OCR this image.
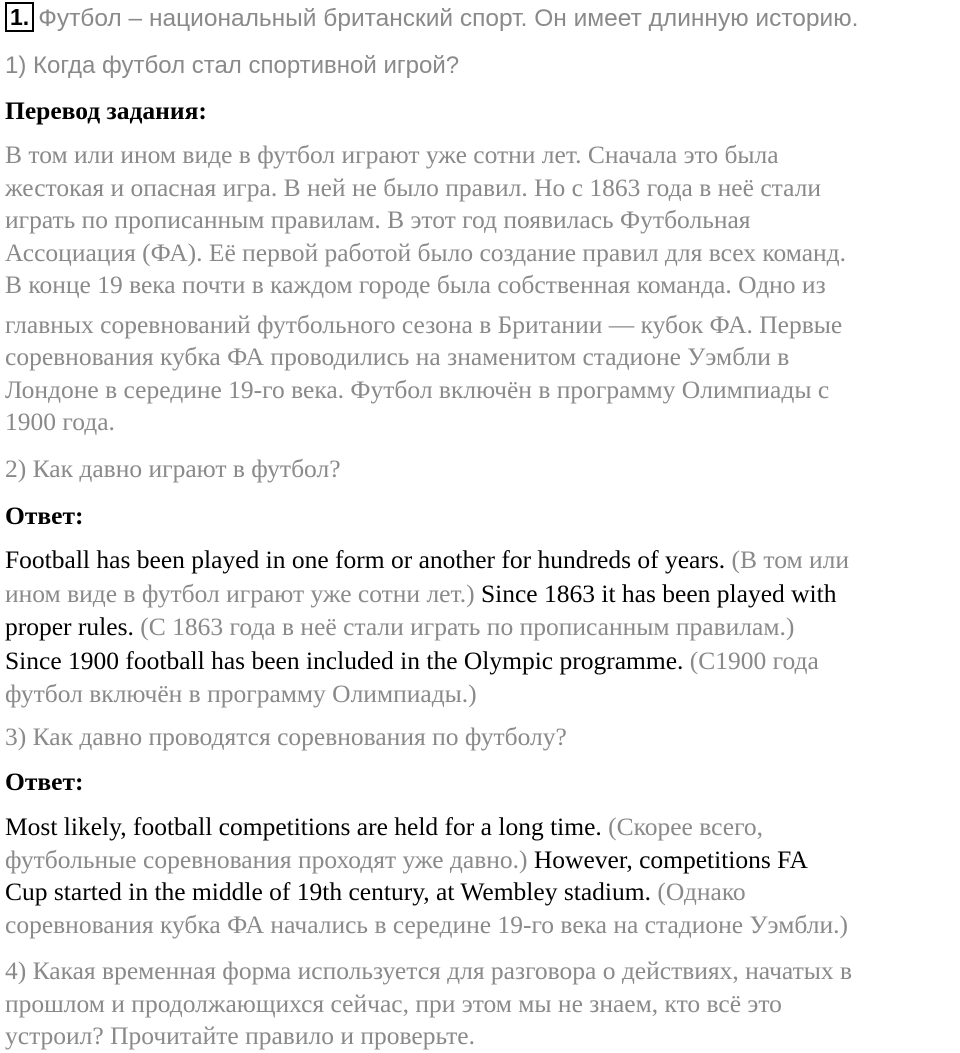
1. Футбол – национальный британский спорт. Он имеет длинную историю.
1) Когда футбол стал спортивной игрой?
Перевод задания:
В том или ином виде в футбол играют уже сотни лет. Сначала это была
жестокая и опасная игра. В ней не было правил. Но с 1863 года в неё стали
играть по прописанным правилам. В этот год появилась Футбольная
Ассоциация (ФА). Её первой работой было создание правил для всех команд.
В конце 19 века почти в каждом городе была собственная команда. Одно из
главных соревнований футбольного сезона в Британии — кубок ФА. Первые
соревнования кубка ФА проводились на знаменитом стадионе Уэмбли в
Лондоне в середине 19-го века. Футбол включён в программу Олимпиады с
1900 года.
2) Как давно играют в футбол?
Ответ:
Football has been played in one form or another for hundreds of years. (В том или
ином виде в футбол играют уже сотни лет.) Since 1863 it has been played with
proper rules. (С 1863 года в неё стали играть по прописанным правилам.)
Since 1900 football has been included in the Olympic programme. (С1900 года
футбол включён в программу Олимпиады.)
3) Как давно проводятся соревнования по футболу?
Ответ:
Most likely, football competitions are held for a long time. (Скорее всего,
футбольные соревнования проходят уже давно.) However, competitions FA
Cup started in the middle of 19th century, at Wembley stadium. (Однако
соревнования кубка ФА начались в середине 19-го века на стадионе Уэмбли.)
4) Какая временная форма используется для разговора о действиях, начатых в
прошлом и продолжающихся сейчас, при этом мы не знаем, кто всё это
устроил? Прочитайте правило и проверьте.
